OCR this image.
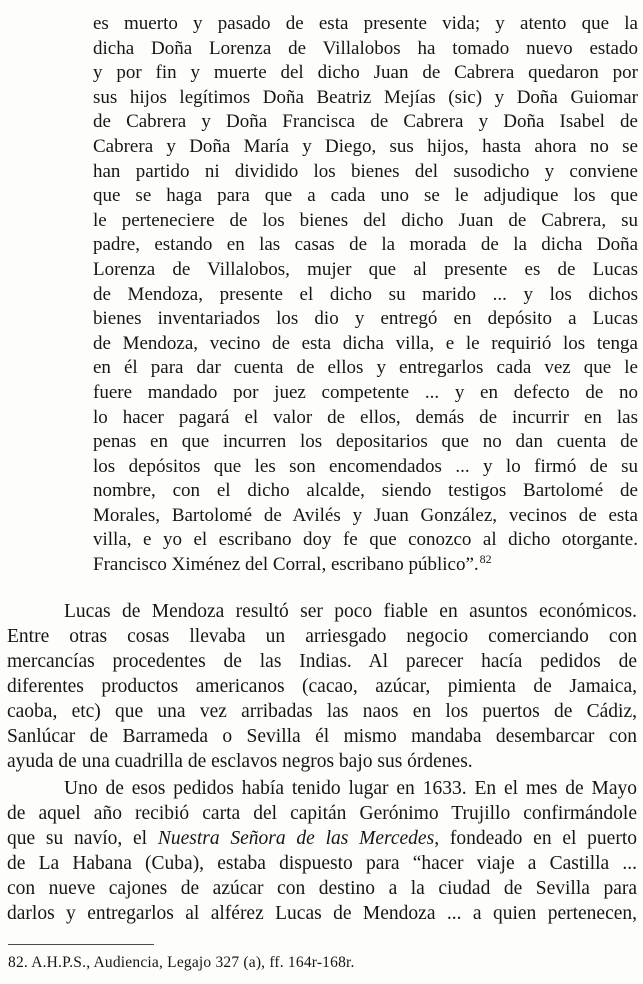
es muerto y pasado de esta presente vida; y atento que la
dicha Doña Lorenza de Villalobos ha tomado nuevo estado
y por fin y muerte del dicho Juan de Cabrera quedaron por
sus hijos legítimos Doña Beatriz Mejías (sic) y Doña Guiomar
de Cabrera y Doña Francisca de Cabrera y Doña Isabel de
Cabrera y Doña María y Diego, sus hijos, hasta ahora no se
han partido ni dividido los bienes del susodicho y conviene
que se haga para que a cada uno se le adjudique los que
le perteneciere de los bienes del dicho Juan de Cabrera, su
padre, estando en las casas de la morada de la dicha Doña
Lorenza de Villalobos, mujer que al presente es de Lucas
de Mendoza, presente el dicho su marido ... y los dichos
bienes inventariados los dio y entregó en depósito a Lucas
de Mendoza, vecino de esta dicha villa, e le requirió los tenga
en él para dar cuenta de ellos y entregarlos cada vez que le
fuere mandado por juez competente ... y en defecto de no
lo hacer pagará el valor de ellos, demás de incurrir en las
penas en que incurren los depositarios que no dan cuenta de
los depósitos que les son encomendados ... y lo firmó de su
nombre, con el dicho alcalde, siendo testigos Bartolomé de
Morales, Bartolomé de Avilés y Juan González, vecinos de esta
villa, e yo el escribano doy fe que conozco al dicho otorgante.
Francisco Ximénez del Corral, escribano público”.$^{82}$
Lucas de Mendoza resultó ser poco fiable en asuntos económicos.
Entre otras cosas llevaba un arriesgado negocio comerciando con
mercancías procedentes de las Indias. Al parecer hacía pedidos de
diferentes productos americanos (cacao, azúcar, pimienta de Jamaica,
caoba, etc) que una vez arribadas las naos en los puertos de Cádiz,
Sanlúcar de Barrameda o Sevilla él mismo mandaba desembarcar con
ayuda de una cuadrilla de esclavos negros bajo sus órdenes.
Uno de esos pedidos había tenido lugar en 1633. En el mes de Mayo
de aquel año recibió carta del capitán Gerónimo Trujillo confirmándole
que su navío, el Nuestra Señora de las Mercedes, fondeado en el puerto
de La Habana (Cuba), estaba dispuesto para “hacer viaje a Castilla ...
con nueve cajones de azúcar con destino a la ciudad de Sevilla para
darlos y entregarlos al alférez Lucas de Mendoza ... a quien pertenecen,
82. A.H.P.S., Audiencia, Legajo 327 (a), ff. 164r-168r.
